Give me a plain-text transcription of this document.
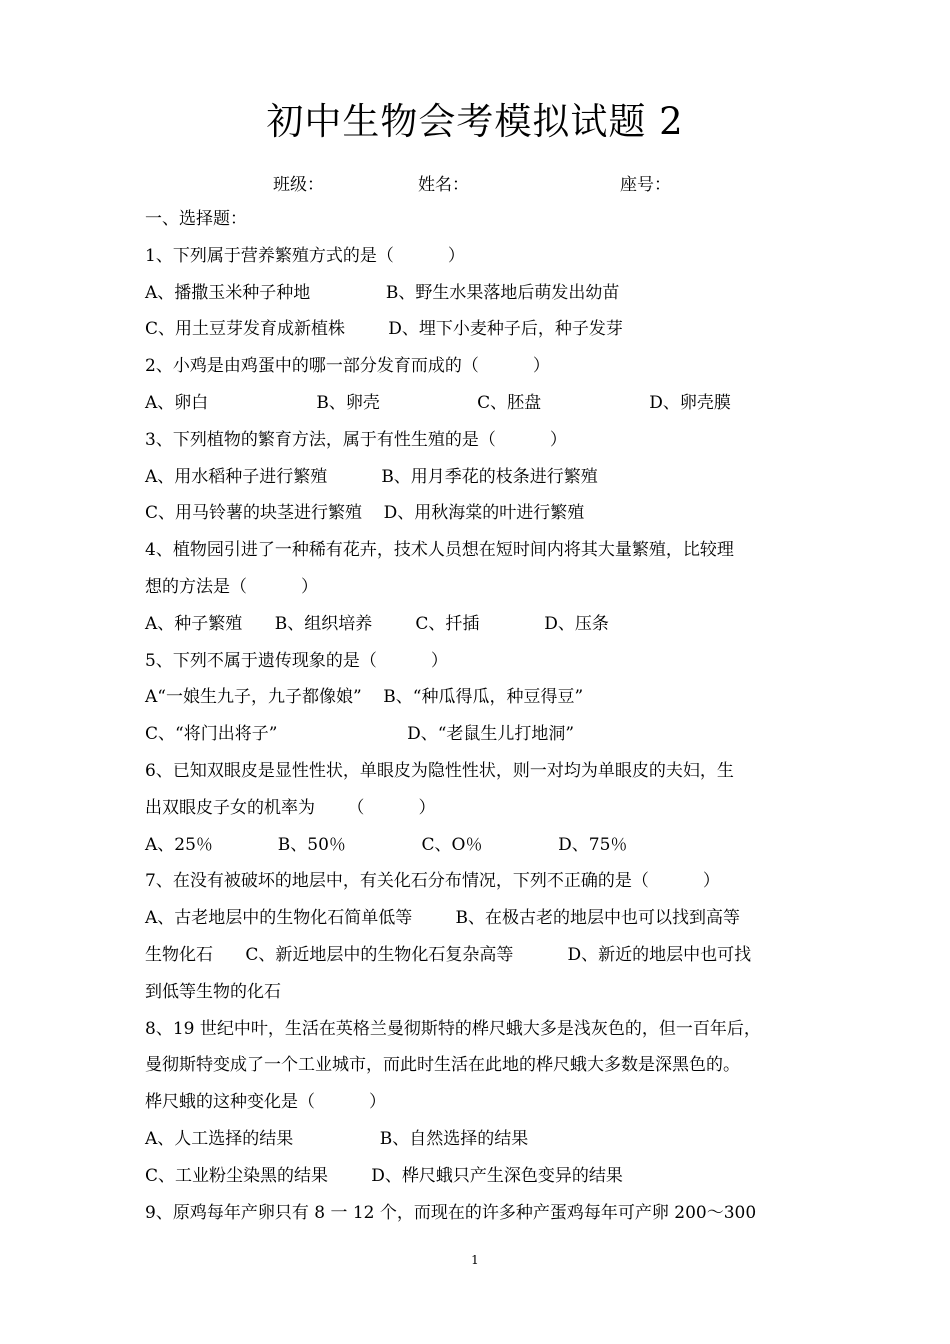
初中生物会考模拟试题 2
班级：	姓名：	座号：
一、选择题：
1、下列属于营养繁殖方式的是（          ）
A、播撒玉米种子种地              B、野生水果落地后萌发出幼苗
C、用土豆芽发育成新植株        D、埋下小麦种子后，种子发芽
2、小鸡是由鸡蛋中的哪一部分发育而成的（          ）
A、卵白                    B、卵壳                  C、胚盘                    D、卵壳膜
3、下列植物的繁育方法，属于有性生殖的是（          ）
A、用水稻种子进行繁殖          B、用月季花的枝条进行繁殖
C、用马铃薯的块茎进行繁殖    D、用秋海棠的叶进行繁殖
4、植物园引进了一种稀有花卉，技术人员想在短时间内将其大量繁殖，比较理
想的方法是（          ）
A、种子繁殖      B、组织培养        C、扦插            D、压条
5、下列不属于遗传现象的是（          ）
A“一娘生九子，九子都像娘”    B、“种瓜得瓜，种豆得豆”
C、“将门出将子”                        D、“老鼠生儿打地洞”
6、已知双眼皮是显性性状，单眼皮为隐性性状，则一对均为单眼皮的夫妇，生
出双眼皮子女的机率为      （          ）
A、25％            B、50％              C、O％              D、75％
7、在没有被破坏的地层中，有关化石分布情况，下列不正确的是（          ）
A、古老地层中的生物化石简单低等        B、在极古老的地层中也可以找到高等
生物化石      C、新近地层中的生物化石复杂高等          D、新近的地层中也可找
到低等生物的化石
8、19 世纪中叶，生活在英格兰曼彻斯特的桦尺蛾大多是浅灰色的，但一百年后，
曼彻斯特变成了一个工业城市，而此时生活在此地的桦尺蛾大多数是深黑色的。
桦尺蛾的这种变化是（          ）
A、人工选择的结果                B、自然选择的结果
C、工业粉尘染黑的结果        D、桦尺蛾只产生深色变异的结果
9、原鸡每年产卵只有 8 一 12 个，而现在的许多种产蛋鸡每年可产卵 200～300
1
